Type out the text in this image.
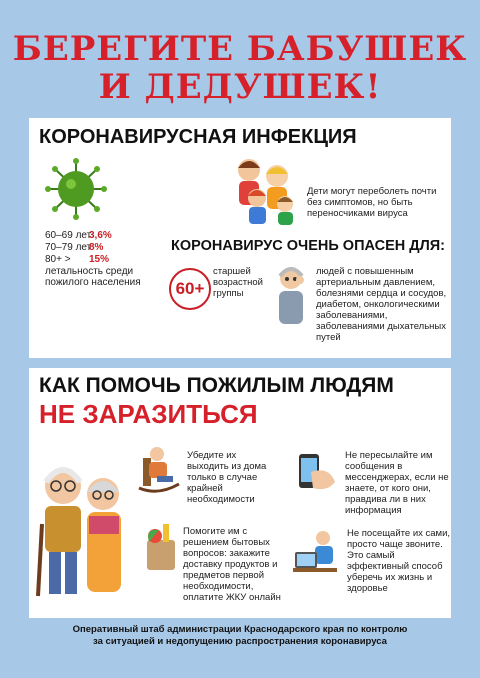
БЕРЕГИТЕ БАБУШЕК
И ДЕДУШЕК!
КОРОНАВИРУСНАЯ ИНФЕКЦИЯ
60–69 лет
3,6%
70–79 лет
8%
80+ > 15%
летальность среди пожилого населения
Дети могут переболеть почти без симптомов, но быть переносчиками вируса
КОРОНАВИРУС ОЧЕНЬ ОПАСЕН ДЛЯ:
60+
старшей возрастной группы
людей с повышенным артериальным давлением, болезнями сердца и сосудов, диабетом, онкологическими заболеваниями, заболеваниями дыхательных путей
КАК ПОМОЧЬ ПОЖИЛЫМ ЛЮДЯМ
НЕ ЗАРАЗИТЬСЯ
Убедите их выходить из дома только в случае крайней необходимости
Помогите им с решением бытовых вопросов: закажите доставку продуктов и предметов первой необходимости, оплатите ЖКУ онлайн
Не пересылайте им сообщения в мессенджерах, если не знаете, от кого они, правдива ли в них информация
Не посещайте их сами, просто чаще звоните. Это самый эффективный способ уберечь их жизнь и здоровье
Оперативный штаб администрации Краснодарского края по контролю
за ситуацией и недопущению распространения коронавируса
